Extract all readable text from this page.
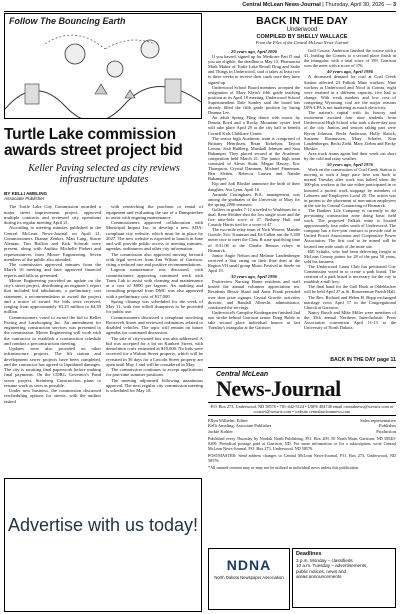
Central McLean News-Journal | Thursday, April 30, 2026 — 3
Follow The Bouncing Earth
Turtle Lake commission awards street project bid
Keller Paving selected as city reviews infrastructure updates
BY KELLI AMELING
Associate Publisher

The Turtle Lake City Commission awarded a major street improvement project, approved multiple contracts and reviewed city operations during its regular meeting April 21.

According to meeting minutes published in the Central McLean News-Journal on April 21, Commissioners Dianne Zenker, Matt Lang, Stacie Aleman, Tim Briffon and Kirk Schwab were present, along with Auditor Michelle Piekert and representatives from Moore Engineering. Seven members of the public also attended.

The commission approved minutes from the March 16 meeting and later approved financial reports and bills as presented.

Moore Engineering provided an update on the city's street project, distributing an engineer's report that included bid tabulations, a preliminary cost statement, a recommendation to award the project and a notice of award. Six bids were received, ranging from approximately $3.25 million to $4.39 million.

Commissioners voted to award the bid to Keller Paving and Landscaping Inc. An amendment for engineering construction services was presented to the commission. Moore Engineering will work with the contractor to establish a construction schedule and conduct a preconstruction meeting.

Updates were also provided on other infrastructure projects. The lift station and development sewer projects have been completed, and the contractor has agreed to liquidated damages. The city is awaiting final paperwork before making final payments. On the CDBG Governor's Fund sewer project, Steinberg Construction plans to resume work as soon as possible.

Under new business, the commission discussed rescheduling options for streets, with the auditor tasked

with researching the purchase or rental of equipment and evaluating the use of a Dumpsterbee to assist with ongoing maintenance.

Commissioners approved collaboration with Municipal Impact Inc. to develop a new, ADA-compliant city website, which must be in place by 2027. The new website is expected to launch in June and will provide public access to meeting minutes, agendas, ordinances and other city information.

The commission also approved moving forward with legal services from Jim Wilson of Garrison, citing a reduced rate and positive recommendations.

Lagoon maintenance was discussed, with commissioners approving continued work with Trans Lab to assist with cleaning and maintenance at a cost of $800 per lagoon. An auditing and consulting proposal from DMC was also approved with a preliminary cost of $17,000.

Spring cleanup was scheduled for the week of May 11, with free rolloff dumpsters to be provided for public use.

Commissioners discussed a complaint involving Roosevelt Street and reviewed ordinances related to disabled vehicles. The topic will remain on future agendas for continued discussion.

The sale of city-owned lots was also addressed. A bid was accepted for a lot on Kunkert Street, with demolition costs estimated at $10,000. No bids were received for a Walnut Street property, which will be revisited in 30 days for a Lincoln Street property are open until May 1 and will be considered in May.

The commission continues to accept applications for part-time summer positions.

The meeting adjourned following unanimous approval. The next regular city commission meeting is scheduled for May 18.

Advertise with us today!
BACK IN THE DAY
Underwood
COMPILED BY SHELLY WALLACE
From the Files of the Central McLean News-Journal
20 years ago, April 2006

If you haven't signed up for Medicare Part D and you are eligible, the deadline is May 15. Pharmacist Mark Maher of Turtle Lake Rexall Drug and Sadie and Things in Underwood, said it takes at least two to three weeks to receive their cards once they have signed up.

Underwood School Board members accepted the resignation of Mary Klein's fifth grade teaching position at its April 18 meeting, Underwood School Superintendent Dale Stanley said the board has already filled the fifth grade position by hiring Deanna Lee.

An adult Spring Fling dance with music by Dennis Boyd and a Rocky Mountain oyster feed will take place April 29 at the city hall to benefit Cornell Kids Childcare Center.

The senior high Academic team is comprised of Brittany Henriksen, Brian Torkelson, Tayton Larson, Josh Hultberg, Marshall Johnson and Sara Bakamper. They placed second at the Academic competition held March 21. The junior high team consisted of Alexis Stuhr, Megan Hassey, Eric Thompson, Crystal Dammen, Michael Finneman, Ben Sletten, Rebecca Lausen and Natalie Bakamper.

Kip and Jodi Bloskie announce the birth of their daughter, Ava Lynn, April 16.

Amanda Cottingham, B.S., management, was among the graduates of the University of Mary for the spring 2006 semester.

Golfers in grades 7-12 traveled to Washburn for a dual. Rene Sletther shot the low single score and the five nine-hole score of 47. Bethany Hult and Cassidy Harris tied for a score of 47.

The two-mile relay team of Nick Weaver, Mandie Goettle, Eric Trautman and Ed Cullen ran the 5.200 meter race to meet the Class B state qualifying time of 8:31.08 at the Charlie Benson relays in Bismarck.

Junior Angie Nelson and Melanie Landenberger received a Star rating on their flute duet at the Region VII small group Music Festival in Steele on April 19.

30 years ago, April 1996

Prairieview Nursing Home residents and staff hosted the annual volunteer appreciation tea. Residents Bessie Slaad and Anne Frank presided over door prize signups. Crystal Gravile, activities director, and Randall Albrecht, administrator, conducted the servings.

Underwood's Campfire Kindergarten finished 2nd one stroke behind Garrison senior Doug Bohle to take second place individual honors at last Tuesday's triangular at the Garrison

Golf Course. Anderson finished the course with a 41, leading the Comets to a second place finish in the triangular, with a total score of 189. Garrison won the meet with a score of 176.

40 years ago, April 1986

A decreased demand for coal at Coal Creek Station affected 23 Falkirk Mine workers. Nine workers at Underwood and Nicol at Coteau, eight were retained in a different capacity, five had to change. With weak markets and low cost of competing Wyoming coal are the major reasons UPA-CPA is not marketing as much electricity.

The nation's capital with its history and excitement awaited four nine students from Underwood High School who took a three-day tour of the city. Juniors and seniors taking part were Byron Johnson, Becki Anderson, Holly Slatick, Suzanne Rasmussen, Mary Schafer, Kim Landenberger, Becki Ziehl, Mary Ziehm and Becky Bloskie.

Area track teams again had their week cut short by the cold and rainy weather.

50 years ago, April 1976

Work on the construction of Coal Creek Station is moving to such a large pace here was back to normal Tuesday after work was halted when the 300-plus workers at the site either participated in or honored a protest work stoppage by members of Laborers and Employees Local 20. The action was in protest to the placement of non-union employees at the site by Central Contracting of Bismarck.

The Bankers Life Company is currently in the pre-mining construction zone doing basic field work. The proposed Falkirk mine is located approximately four miles south of Underwood. The company has a five-year contract to provide coal to United Power Association and Cooperative Power Association. The first coal to be mined will be located one mile south of the mine site.

Bill Schultz, who had been delivering freight to McLean County points for 28 of the past 50 years, sold his business.

The Underwood Lions Club has petitioned City Commission voted in to create a park board. The creation of a park board is necessary for the city to establish a mill levy.

The final band for the Gail Hook at Oldeblacker will be held April 27 at St. Bonaventure Parish Hall.

The Rev. Richard and Helen H. Bopp exchanged marriage vows April 17 in the Congregational Church at Garrison.

Nancy Busch and Mike Miller were members of the 35th annual Northern Intercholastic Press Association convention April 11-13 at the University of North Dakota.

BACK IN THE DAY page 11
Central McLean
News-Journal
P.O. Box 273, Underwood, ND 58576 • 701-442-5124 • USPS 484740 email centralnews@westriv.com or ccnews@westriv.com • website centralmcleannews.com
Ellyn Wilhelm, Editor	Sales representative
Kelli Ameling, Associate Publisher	Publisher
Jackie Kohler	Production

Published every Thursday by Nordak North Publishing, P.O. Box 209, 50 North Main, Garrison, ND 58540-0209. Periodical postage paid at Garrison, ND. For more information or for a subscription, write Central McLean News-Journal, P.O. Box 273, Underwood, ND 58576.

POSTMASTER: Send address changes to Central McLean News-Journal, P.O. Box 273, Underwood, ND 58576.

*All unused content may or may not be utilized in individual news unless this publication.

NDNA
North Dakota Newspaper Association
Deadlines
3 p.m. Monday – classifieds
10 a.m. Tuesday – advertisements,
public notices, news and
areas announcements
